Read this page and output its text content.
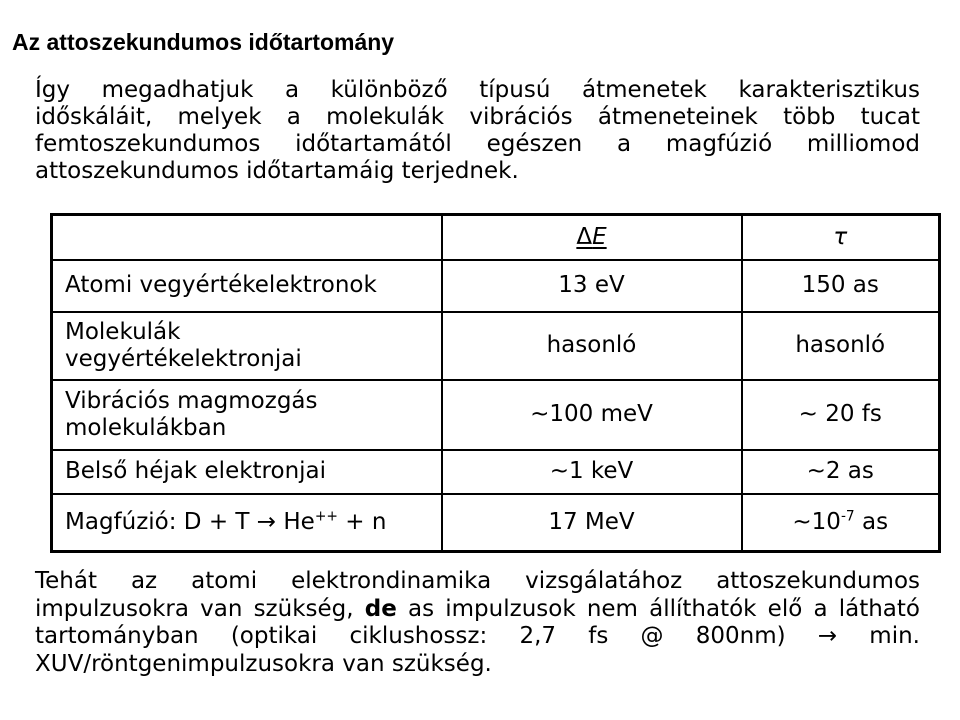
Az attoszekundumos időtartomány
Így megadhatjuk a különböző típusú átmenetek karakterisztikus
időskáláit, melyek a molekulák vibrációs átmeneteinek több tucat
femtoszekundumos időtartamától egészen a magfúzió milliomod
attoszekundumos időtartamáig terjednek.
	ΔE	τ
Atomi vegyértékelektronok	13 eV	150 as
Molekulák vegyértékelektronjai	hasonló	hasonló
Vibrációs magmozgás molekulákban	~100 meV	~ 20 fs
Belső héjak elektronjai	~1 keV	~2 as
Magfúzió: D + T → He++ + n	17 MeV	$\sim 10^{-7}$ as
Tehát az atomi elektrondinamika vizsgálatához attoszekundumos
impulzusokra van szükség, de as impulzusok nem állíthatók elő a látható
tartományban (optikai ciklushossz: 2,7 fs @ 800nm) → min.
XUV/röntgenimpulzusokra van szükség.
